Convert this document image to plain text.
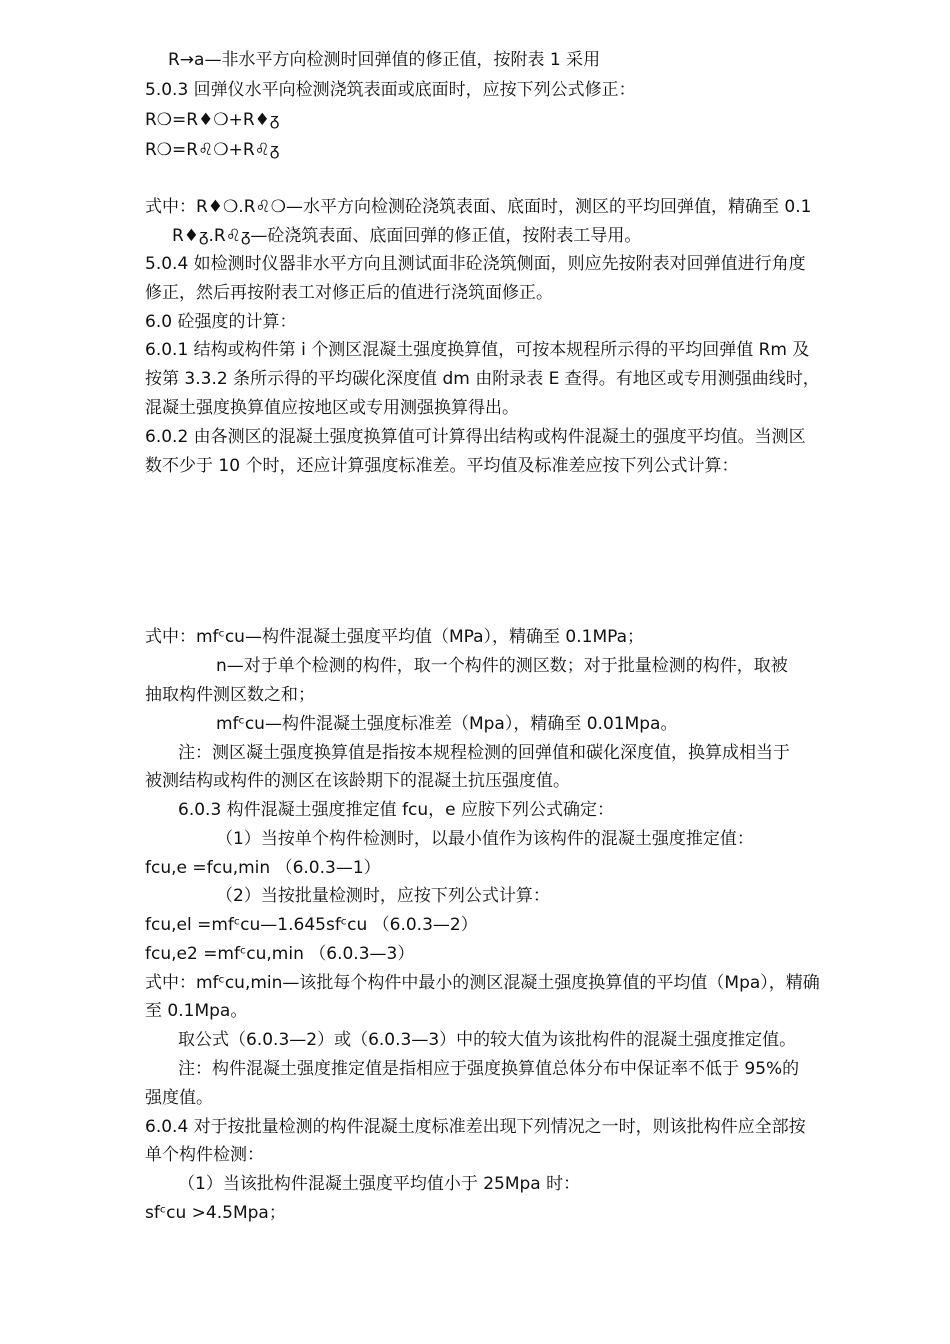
R→a—非水平方向检测时回弹值的修正值，按附表 1 采用
5.0.3 回弹仪水平向检测浇筑表面或底面时，应按下列公式修正：
R❍=R♦❍+R♦ᵹ
R❍=R♌❍+R♌ᵹ
式中：R♦❍.R♌❍—水平方向检测砼浇筑表面、底面时，测区的平均回弹值，精确至 0.1
R♦ᵹ.R♌ᵹ—砼浇筑表面、底面回弹的修正值，按附表工导用。
5.0.4 如检测时仪器非水平方向且测试面非砼浇筑侧面，则应先按附表对回弹值进行角度
修正，然后再按附表工对修正后的值进行浇筑面修正。
6.0 砼强度的计算：
6.0.1 结构或构件第 i 个测区混凝土强度换算值，可按本规程所示得的平均回弹值 Rm 及
按第 3.3.2 条所示得的平均碳化深度值 dm 由附录表 E 查得。有地区或专用测强曲线时，
混凝土强度换算值应按地区或专用测强换算得出。
6.0.2 由各测区的混凝土强度换算值可计算得出结构或构件混凝土的强度平均值。当测区
数不少于 10 个时，还应计算强度标准差。平均值及标准差应按下列公式计算：
式中：mfᶜcu—构件混凝土强度平均值（MPa），精确至 0.1MPa；
n—对于单个检测的构件，取一个构件的测区数；对于批量检测的构件，取被
抽取构件测区数之和；
mfᶜcu—构件混凝土强度标准差（Mpa），精确至 0.01Mpa。
注：测区凝土强度换算值是指按本规程检测的回弹值和碳化深度值，换算成相当于
被测结构或构件的测区在该龄期下的混凝土抗压强度值。
6.0.3 构件混凝土强度推定值 fcu，e 应胺下列公式确定：
（1）当按单个构件检测时，以最小值作为该构件的混凝土强度推定值：
fcu,e =fcu,min （6.0.3—1）
（2）当按批量检测时，应按下列公式计算：
fcu,el =mfᶜcu—1.645sfᶜcu （6.0.3—2）
fcu,e2 =mfᶜcu,min （6.0.3—3）
式中：mfᶜcu,min—该批每个构件中最小的测区混凝土强度换算值的平均值（Mpa），精确
至 0.1Mpa。
取公式（6.0.3—2）或（6.0.3—3）中的较大值为该批构件的混凝土强度推定值。
注：构件混凝土强度推定值是指相应于强度换算值总体分布中保证率不低于 95%的
强度值。
6.0.4 对于按批量检测的构件混凝土度标准差出现下列情况之一时，则该批构件应全部按
单个构件检测：
（1）当该批构件混凝土强度平均值小于 25Mpa 时：
sfᶜcu >4.5Mpa；
